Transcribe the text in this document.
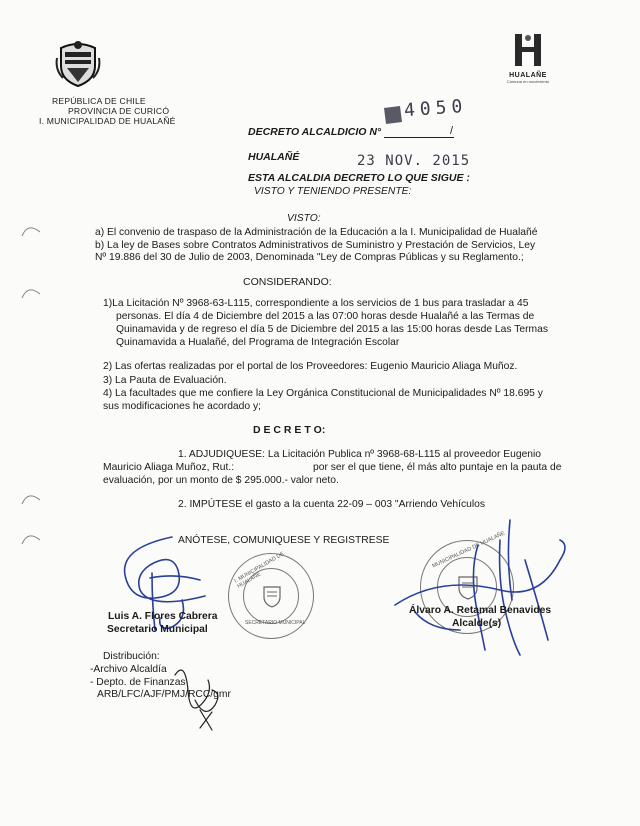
REPÚBLICA DE CHILE
PROVINCIA DE CURICÓ
I. MUNICIPALIDAD DE HUALAÑÉ
HUALAÑE
Comuna en movimiento
DECRETO ALCALDICIO N°	/
4050
HUALAÑÉ	23 NOV. 2015
ESTA ALCALDIA DECRETO LO QUE SIGUE :
VISTO Y TENIENDO PRESENTE:
VISTO:
a) El convenio de traspaso de la Administración de la Educación a la I. Municipalidad de Hualañé
b) La ley de Bases sobre Contratos Administrativos de Suministro y Prestación de Servicios, Ley
Nº 19.886 del 30 de Julio de 2003, Denominada "Ley de Compras Públicas y su Reglamento.;
CONSIDERANDO:
1)La Licitación Nº 3968-63-L115, correspondiente a los servicios de 1 bus para trasladar a 45
personas. El día 4 de Diciembre del 2015 a las 07:00 horas desde Hualañé a las Termas de
Quinamavida y de regreso el día 5 de Diciembre del 2015 a las 15:00 horas desde Las Termas
Quinamavida a Hualañé, del Programa de Integración Escolar
2) Las ofertas realizadas por el portal de los Proveedores: Eugenio Mauricio Aliaga Muñoz.
3) La Pauta de Evaluación.
4) La facultades que me confiere la Ley Orgánica Constitucional de Municipalidades Nº 18.695 y
sus modificaciones he acordado y;
D E C R E T O:
1. ADJUDIQUESE: La Licitación Publica nº 3968-68-L115 al proveedor Eugenio
Mauricio Aliaga Muñoz, Rut.:	por ser el que tiene, él más alto puntaje en la pauta de
evaluación, por un monto de $ 295.000.- valor neto.
2. IMPÚTESE el gasto a la cuenta 22-09 – 003 "Arriendo Vehículos
ANÓTESE, COMUNIQUESE Y REGISTRESE
I. MUNICIPALIDAD DE HUALAÑE
SECRETARIO MUNICIPAL
MUNICIPALIDAD DE HUALAÑE
Luis A. Flores Cabrera
Secretario Municipal
Álvaro A. Retamal Benavides
Alcalde(s)
Distribución:
-Archivo Alcaldía
- Depto. de Finanzas
ARB/LFC/AJF/PMJ/RCC/gmr
